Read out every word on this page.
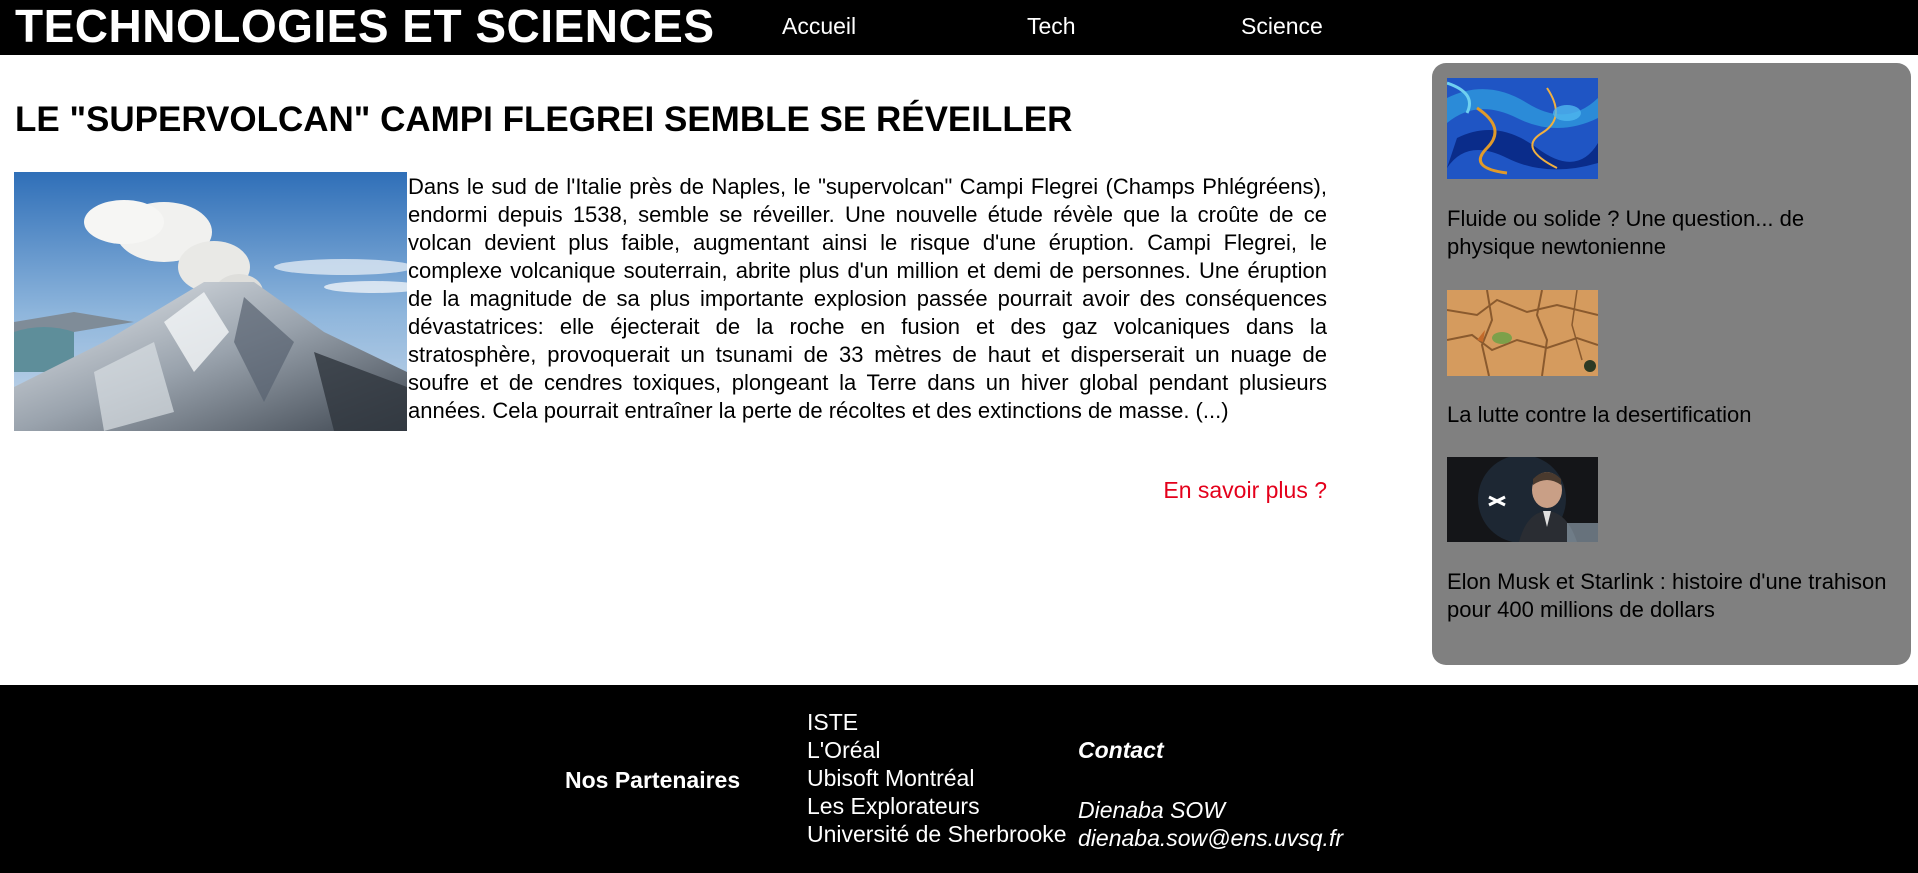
TECHNOLOGIES ET SCIENCES	Accueil	Tech	Science
LE "SUPERVOLCAN" CAMPI FLEGREI SEMBLE SE RÉVEILLER

Dans le sud de l'Italie près de Naples, le "supervolcan" Campi Flegrei (Champs Phlégréens), endormi depuis 1538, semble se réveiller. Une nouvelle étude révèle que la croûte de ce volcan devient plus faible, augmentant ainsi le risque d'une éruption. Campi Flegrei, le complexe volcanique souterrain, abrite plus d'un million et demi de personnes. Une éruption de la magnitude de sa plus importante explosion passée pourrait avoir des conséquences dévastatrices: elle éjecterait de la roche en fusion et des gaz volcaniques dans la stratosphère, provoquerait un tsunami de 33 mètres de haut et disperserait un nuage de soufre et de cendres toxiques, plongeant la Terre dans un hiver global pendant plusieurs années. Cela pourrait entraîner la perte de récoltes et des extinctions de masse. (...)

En savoir plus ?

Fluide ou solide ? Une question... de physique newtonienne

La lutte contre la desertification

Elon Musk et Starlink : histoire d'une trahison pour 400 millions de dollars

Nos Partenaires
ISTE
L'Oréal
Ubisoft Montréal
Les Explorateurs
Université de Sherbrooke
Contact

Dienaba SOW

dienaba.sow@ens.uvsq.fr
